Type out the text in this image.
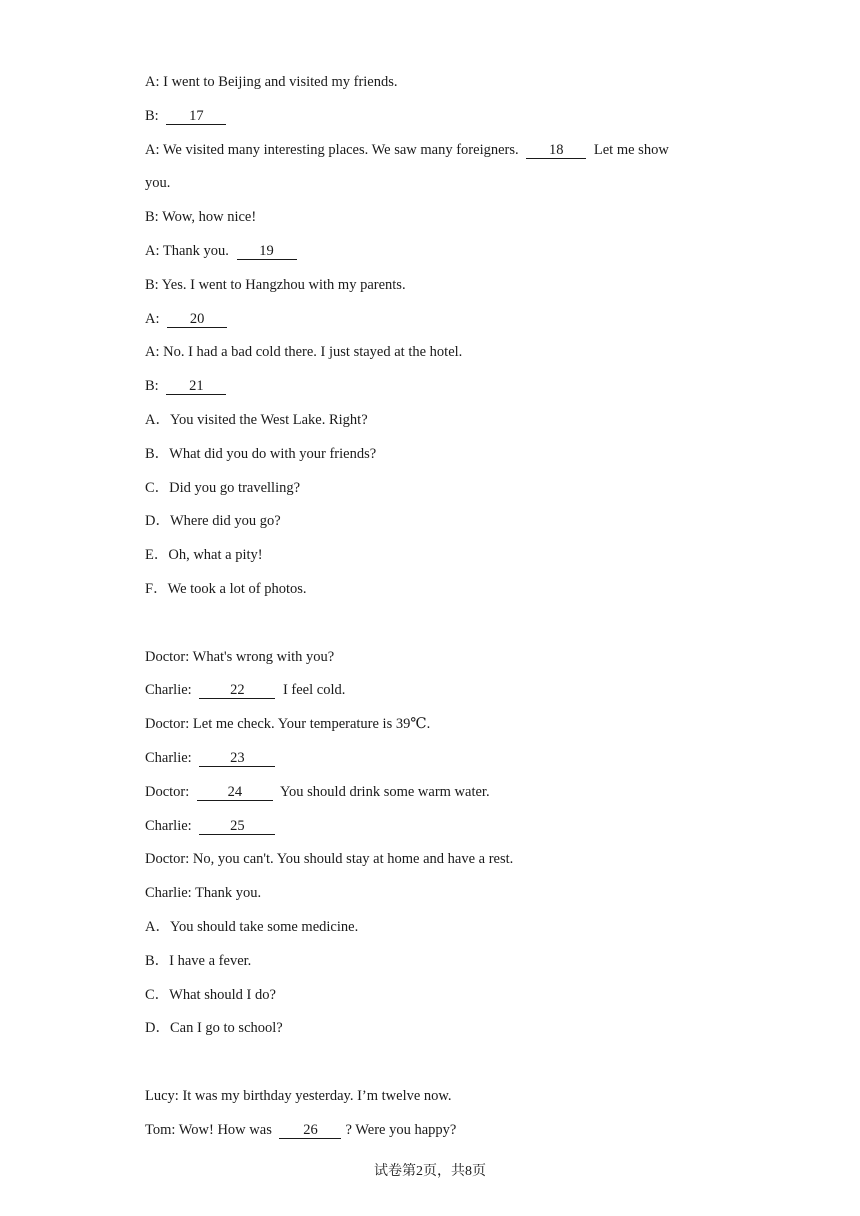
A: I went to Beijing and visited my friends.
B: 17
A: We visited many interesting places. We saw many foreigners. 18 Let me show
you.
B: Wow, how nice!
A: Thank you. 19
B: Yes. I went to Hangzhou with my parents.
A: 20
A: No. I had a bad cold there. I just stayed at the hotel.
B: 21
A．You visited the West Lake. Right?
B．What did you do with your friends?
C．Did you go travelling?
D．Where did you go?
E．Oh, what a pity!
F．We took a lot of photos.
Doctor: What's wrong with you?
Charlie:	22	I feel cold.
Doctor: Let me check. Your temperature is 39℃.
Charlie:	23
Doctor:	24	You should drink some warm water.
Charlie:	25
Doctor: No, you can't. You should stay at home and have a rest.
Charlie: Thank you.
A．You should take some medicine.
B．I have a fever.
C．What should I do?
D．Can I go to school?
Lucy: It was my birthday yesterday. I’m twelve now.
Tom: Wow! How was 26 ? Were you happy?
试卷第2页，共8页
